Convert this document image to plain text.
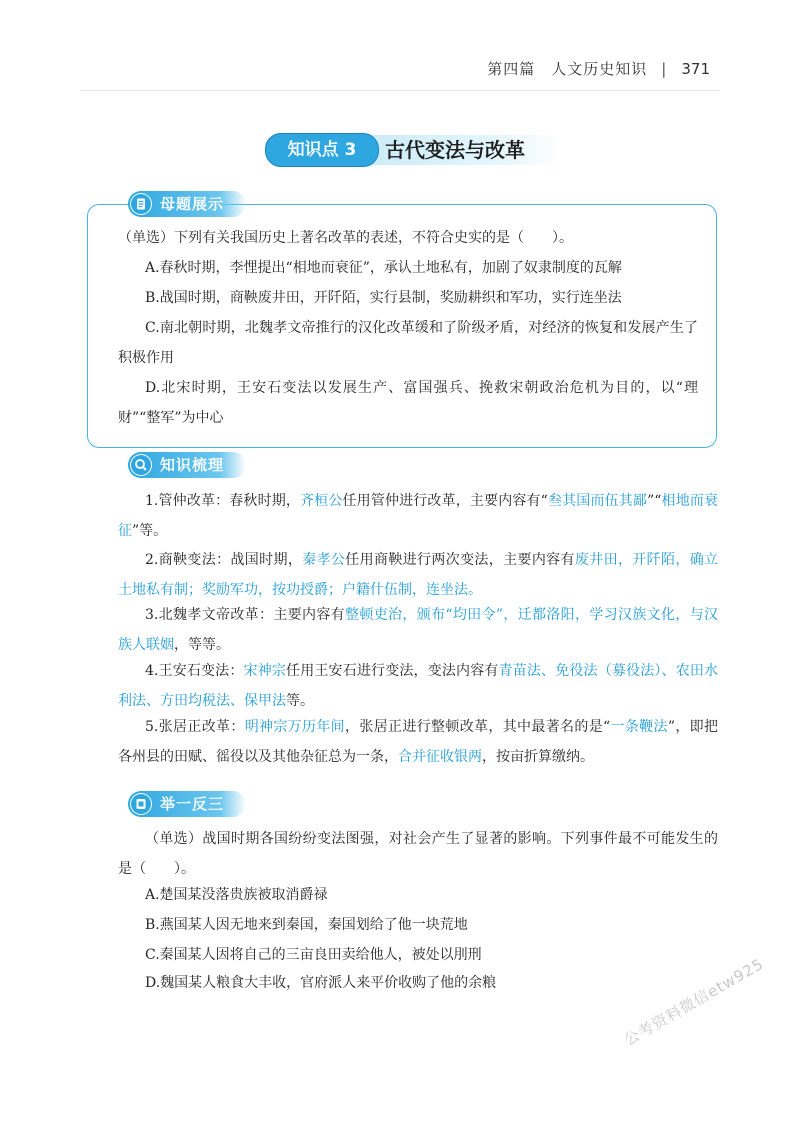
第四篇　人文历史知识 | 371
知识点 3	古代变法与改革
母题展示

（单选）下列有关我国历史上著名改革的表述，不符合史实的是（　　）。

A.春秋时期，李悝提出“相地而衰征”，承认土地私有，加剧了奴隶制度的瓦解

B.战国时期，商鞅废井田，开阡陌，实行县制，奖励耕织和军功，实行连坐法

C.南北朝时期，北魏孝文帝推行的汉化改革缓和了阶级矛盾，对经济的恢复和发展产生了积极作用

D.北宋时期，王安石变法以发展生产、富国强兵、挽救宋朝政治危机为目的，以“理财”“整军”为中心

知识梳理

1.管仲改革：春秋时期，齐桓公任用管仲进行改革，主要内容有“叁其国而伍其鄙”“相地而衰征”等。

2.商鞅变法：战国时期，秦孝公任用商鞅进行两次变法，主要内容有废井田，开阡陌，确立土地私有制；奖励军功，按功授爵；户籍什伍制，连坐法。

3.北魏孝文帝改革：主要内容有整顿吏治，颁布“均田令”，迁都洛阳，学习汉族文化，与汉族人联姻，等等。

4.王安石变法：宋神宗任用王安石进行变法，变法内容有青苗法、免役法（募役法）、农田水利法、方田均税法、保甲法等。

5.张居正改革：明神宗万历年间，张居正进行整顿改革，其中最著名的是“一条鞭法”，即把各州县的田赋、徭役以及其他杂征总为一条，合并征收银两，按亩折算缴纳。

举一反三

（单选）战国时期各国纷纷变法图强，对社会产生了显著的影响。下列事件最不可能发生的是（　　）。

A.楚国某没落贵族被取消爵禄

B.燕国某人因无地来到秦国，秦国划给了他一块荒地

C.秦国某人因将自己的三亩良田卖给他人，被处以刖刑

D.魏国某人粮食大丰收，官府派人来平价收购了他的余粮	公考资料微信etw925
